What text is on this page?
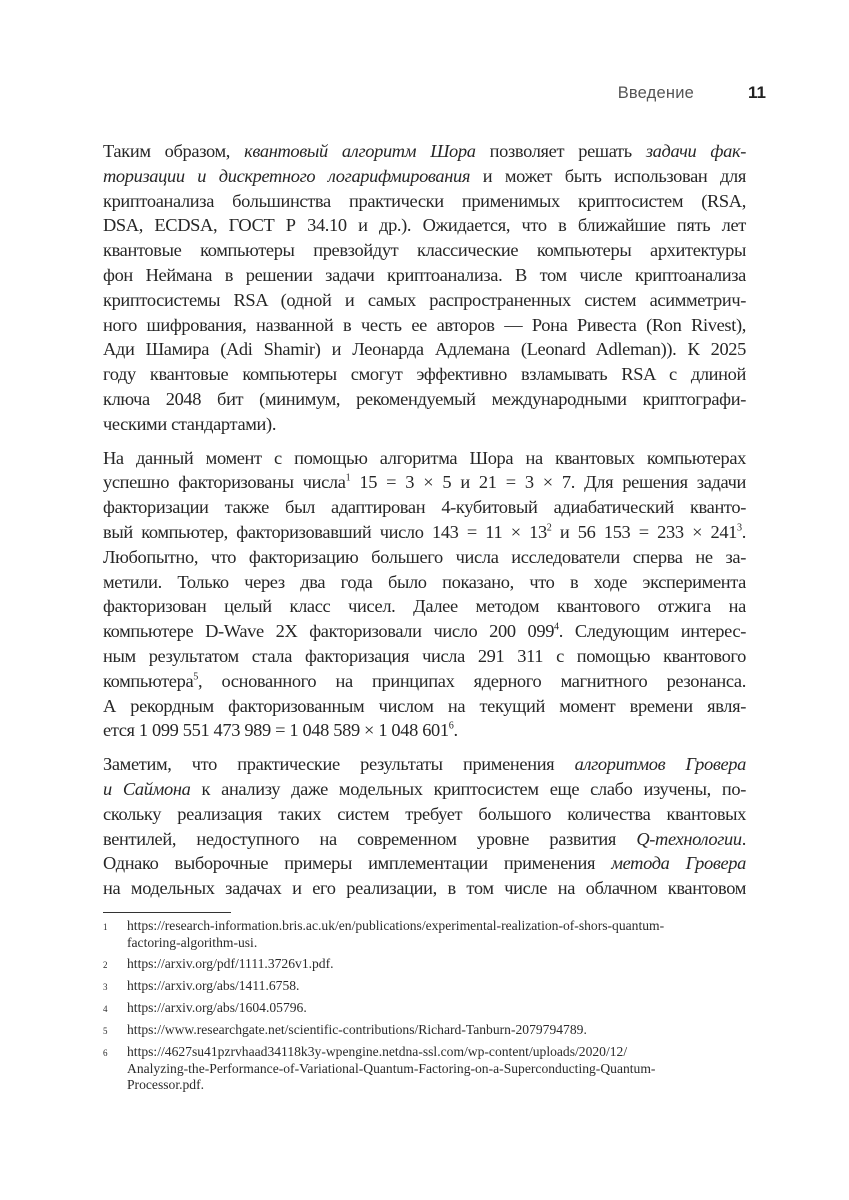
Введение	11
Таким образом, квантовый алгоритм Шора позволяет решать задачи фак-
торизации и дискретного логарифмирования и может быть использован для
криптоанализа большинства практически применимых криптосистем (RSA,
DSA, ECDSA, ГОСТ Р 34.10 и др.). Ожидается, что в ближайшие пять лет
квантовые компьютеры превзойдут классические компьютеры архитектуры
фон Неймана в решении задачи криптоанализа. В том числе криптоанализа
криптосистемы RSA (одной и самых распространенных систем асимметрич-
ного шифрования, названной в честь ее авторов — Рона Ривеста (Ron Rivest),
Ади Шамира (Adi Shamir) и Леонарда Адлемана (Leonard Adleman)). К 2025
году квантовые компьютеры смогут эффективно взламывать RSA с длиной
ключа 2048 бит (минимум, рекомендуемый международными криптографи-
ческими стандартами).
На данный момент с помощью алгоритма Шора на квантовых компьютерах
успешно факторизованы числа$^1$ 15 = 3 × 5 и 21 = 3 × 7. Для решения задачи
факторизации также был адаптирован 4-кубитовый адиабатический кванто-
вый компьютер, факторизовавший число $143 = 11 \times 13^2$ и 56 $153 = 233 \times 241^3$.
Любопытно, что факторизацию большего числа исследователи сперва не за-
метили. Только через два года было показано, что в ходе эксперимента
факторизован целый класс чисел. Далее методом квантового отжига на
компьютере D-Wave 2X факторизовали число 200 $099^4$. Следующим интерес-
ным результатом стала факторизация числа 291 311 с помощью квантового
компьютера$^5$, основанного на принципах ядерного магнитного резонанса.
А рекордным факторизованным числом на текущий момент времени явля-
ется 1 099 551 473 989 = 1 048 589 × 1 048 $601^6$.
Заметим, что практические результаты применения алгоритмов Гровера
и Саймона к анализу даже модельных криптосистем еще слабо изучены, по-
скольку реализация таких систем требует большого количества квантовых
вентилей, недоступного на современном уровне развития Q-технологии.
Однако выборочные примеры имплементации применения метода Гровера
на модельных задачах и его реализации, в том числе на облачном квантовом
1	https://research-information.bris.ac.uk/en/publications/experimental-realization-of-shors-quantum-
factoring-algorithm-usi.
2	https://arxiv.org/pdf/1111.3726v1.pdf.
3	https://arxiv.org/abs/1411.6758.
4	https://arxiv.org/abs/1604.05796.
5	https://www.researchgate.net/scientific-contributions/Richard-Tanburn-2079794789.
6	https://4627su41pzrvhaad34118k3y-wpengine.netdna-ssl.com/wp-content/uploads/2020/12/
Analyzing-the-Performance-of-Variational-Quantum-Factoring-on-a-Superconducting-Quantum-
Processor.pdf.
